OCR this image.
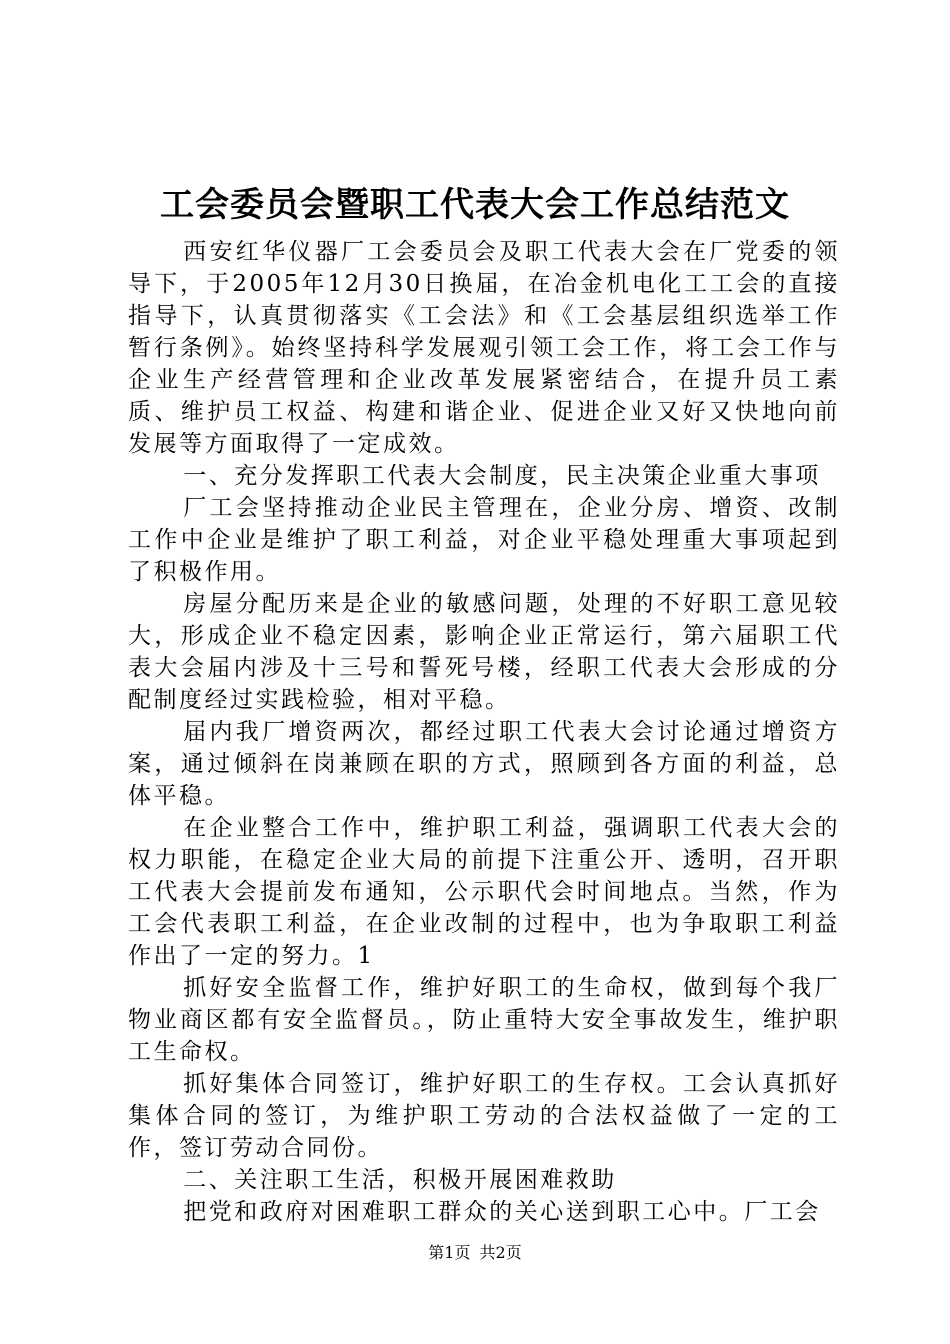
工会委员会暨职工代表大会工作总结范文

西安红华仪器厂工会委员会及职工代表大会在厂党委的领导下，于2005年12月30日换届，在冶金机电化工工会的直接指导下，认真贯彻落实《工会法》和《工会基层组织选举工作暂行条例》。始终坚持科学发展观引领工会工作，将工会工作与企业生产经营管理和企业改革发展紧密结合，在提升员工素质、维护员工权益、构建和谐企业、促进企业又好又快地向前发展等方面取得了一定成效。

一、充分发挥职工代表大会制度，民主决策企业重大事项

厂工会坚持推动企业民主管理在，企业分房、增资、改制工作中企业是维护了职工利益，对企业平稳处理重大事项起到了积极作用。

房屋分配历来是企业的敏感问题，处理的不好职工意见较大，形成企业不稳定因素，影响企业正常运行，第六届职工代表大会届内涉及十三号和誓死号楼，经职工代表大会形成的分配制度经过实践检验，相对平稳。

届内我厂增资两次，都经过职工代表大会讨论通过增资方案，通过倾斜在岗兼顾在职的方式，照顾到各方面的利益，总体平稳。

在企业整合工作中，维护职工利益，强调职工代表大会的权力职能，在稳定企业大局的前提下注重公开、透明，召开职工代表大会提前发布通知，公示职代会时间地点。当然，作为工会代表职工利益，在企业改制的过程中，也为争取职工利益作出了一定的努力。1

抓好安全监督工作，维护好职工的生命权，做到每个我厂物业商区都有安全监督员。，防止重特大安全事故发生，维护职工生命权。

抓好集体合同签订，维护好职工的生存权。工会认真抓好集体合同的签订，为维护职工劳动的合法权益做了一定的工作，签订劳动合同份。

二、关注职工生活，积极开展困难救助

把党和政府对困难职工群众的关心送到职工心中。厂工会

第1页 共2页
